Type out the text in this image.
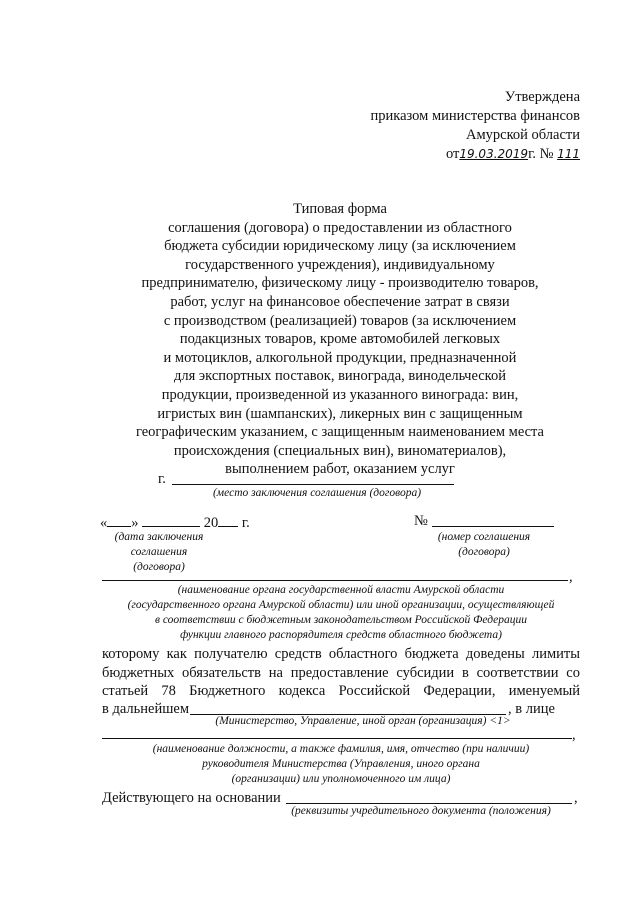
Утверждена
приказом министерства финансов
Амурской области
от19.03.2019г. № 111
Типовая форма
соглашения (договора) о предоставлении из областного
бюджета субсидии юридическому лицу (за исключением
государственного учреждения), индивидуальному
предпринимателю, физическому лицу - производителю товаров,
работ, услуг на финансовое обеспечение затрат в связи
с производством (реализацией) товаров (за исключением
подакцизных товаров, кроме автомобилей легковых
и мотоциклов, алкогольной продукции, предназначенной
для экспортных поставок, винограда, винодельческой
продукции, произведенной из указанного винограда: вин,
игристых вин (шампанских), ликерных вин с защищенным
географическим указанием, с защищенным наименованием места
происхождения (специальных вин), виноматериалов),
выполнением работ, оказанием услуг
г.
(место заключения соглашения (договора)
« »	20 г.
(дата заключения
соглашения (договора)
№
(номер соглашения
(договора)
,
(наименование органа государственной власти Амурской области
(государственного органа Амурской области) или иной организации, осуществляющей
в соответствии с бюджетным законодательством Российской Федерации
функции главного распорядителя средств областного бюджета)
которому как получателю средств областного бюджета доведены лимиты
бюджетных обязательств на предоставление субсидии в соответствии со
статьей 78 Бюджетного кодекса Российской Федерации, именуемый
в дальнейшем	, в лице
(Министерство, Управление, иной орган (организация) <1>
,
(наименование должности, а также фамилия, имя, отчество (при наличии)
руководителя Министерства (Управления, иного органа
(организации) или уполномоченного им лица)
Действующего на основании	,
(реквизиты учредительного документа (положения)
